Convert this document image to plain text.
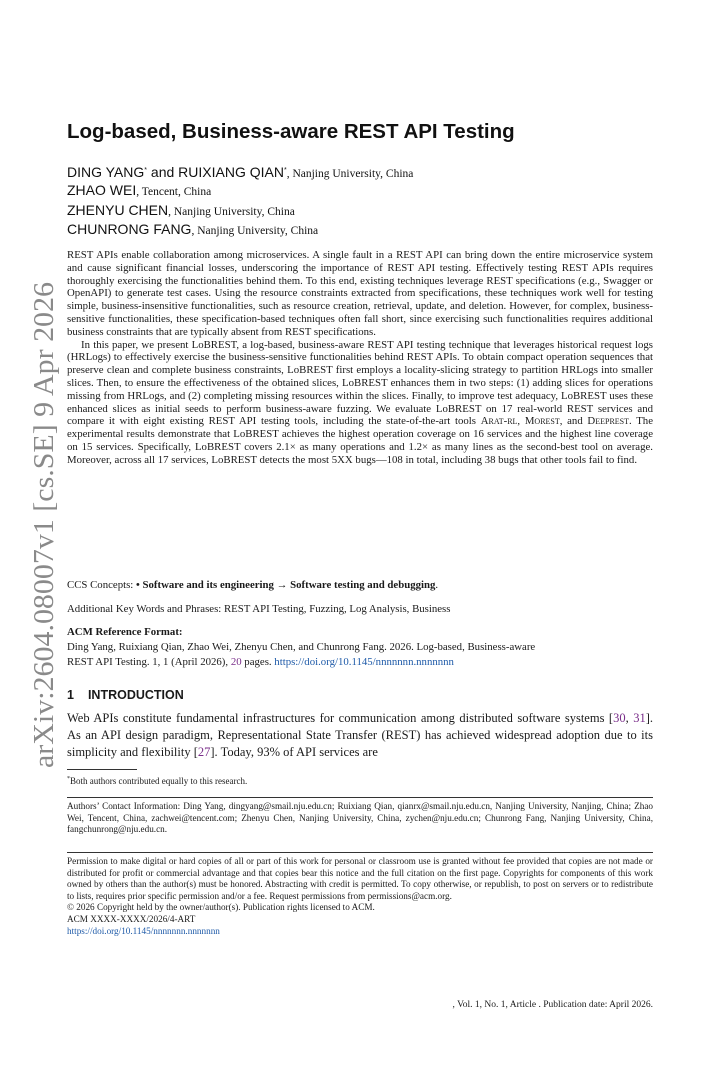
arXiv:2604.08007v1 [cs.SE] 9 Apr 2026
Log-based, Business-aware REST API Testing
DING YANG* and RUIXIANG QIAN*, Nanjing University, China
ZHAO WEI, Tencent, China
ZHENYU CHEN, Nanjing University, China
CHUNRONG FANG, Nanjing University, China

REST APIs enable collaboration among microservices. A single fault in a REST API can bring down the entire microservice system and cause significant financial losses, underscoring the importance of REST API testing. Effectively testing REST APIs requires thoroughly exercising the functionalities behind them. To this end, existing techniques leverage REST specifications (e.g., Swagger or OpenAPI) to generate test cases. Using the resource constraints extracted from specifications, these techniques work well for testing simple, business-insensitive functionalities, such as resource creation, retrieval, update, and deletion. However, for complex, business-sensitive functionalities, these specification-based techniques often fall short, since exercising such functionalities requires additional business constraints that are typically absent from REST specifications.

In this paper, we present LoBREST, a log-based, business-aware REST API testing technique that leverages historical request logs (HRLogs) to effectively exercise the business-sensitive functionalities behind REST APIs. To obtain compact operation sequences that preserve clean and complete business constraints, LoBREST first employs a locality-slicing strategy to partition HRLogs into smaller slices. Then, to ensure the effectiveness of the obtained slices, LoBREST enhances them in two steps: (1) adding slices for operations missing from HRLogs, and (2) completing missing resources within the slices. Finally, to improve test adequacy, LoBREST uses these enhanced slices as initial seeds to perform business-aware fuzzing. We evaluate LoBREST on 17 real-world REST services and compare it with eight existing REST API testing tools, including the state-of-the-art tools Arat-rl, Morest, and Deeprest. The experimental results demonstrate that LoBREST achieves the highest operation coverage on 16 services and the highest line coverage on 15 services. Specifically, LoBREST covers 2.1× as many operations and 1.2× as many lines as the second-best tool on average. Moreover, across all 17 services, LoBREST detects the most 5XX bugs—108 in total, including 38 bugs that other tools fail to find.

CCS Concepts: • Software and its engineering → Software testing and debugging.
Additional Key Words and Phrases: REST API Testing, Fuzzing, Log Analysis, Business
ACM Reference Format:
Ding Yang, Ruixiang Qian, Zhao Wei, Zhenyu Chen, and Chunrong Fang. 2026. Log-based, Business-aware
REST API Testing. 1, 1 (April 2026), 20 pages. https://doi.org/10.1145/nnnnnnn.nnnnnnn
1 INTRODUCTION

Web APIs constitute fundamental infrastructures for communication among distributed software systems [30, 31]. As an API design paradigm, Representational State Transfer (REST) has achieved widespread adoption due to its simplicity and flexibility [27]. Today, 93% of API services are

*Both authors contributed equally to this research.

Authors’ Contact Information: Ding Yang, dingyang@smail.nju.edu.cn; Ruixiang Qian, qianrx@smail.nju.edu.cn, Nanjing University, Nanjing, China; Zhao Wei, Tencent, China, zachwei@tencent.com; Zhenyu Chen, Nanjing University, China, zychen@nju.edu.cn; Chunrong Fang, Nanjing University, China, fangchunrong@nju.edu.cn.

Permission to make digital or hard copies of all or part of this work for personal or classroom use is granted without fee provided that copies are not made or distributed for profit or commercial advantage and that copies bear this notice and the full citation on the first page. Copyrights for components of this work owned by others than the author(s) must be honored. Abstracting with credit is permitted. To copy otherwise, or republish, to post on servers or to redistribute to lists, requires prior specific permission and/or a fee. Request permissions from permissions@acm.org.

© 2026 Copyright held by the owner/author(s). Publication rights licensed to ACM.

ACM XXXX-XXXX/2026/4-ART

https://doi.org/10.1145/nnnnnnn.nnnnnnn

, Vol. 1, No. 1, Article . Publication date: April 2026.
